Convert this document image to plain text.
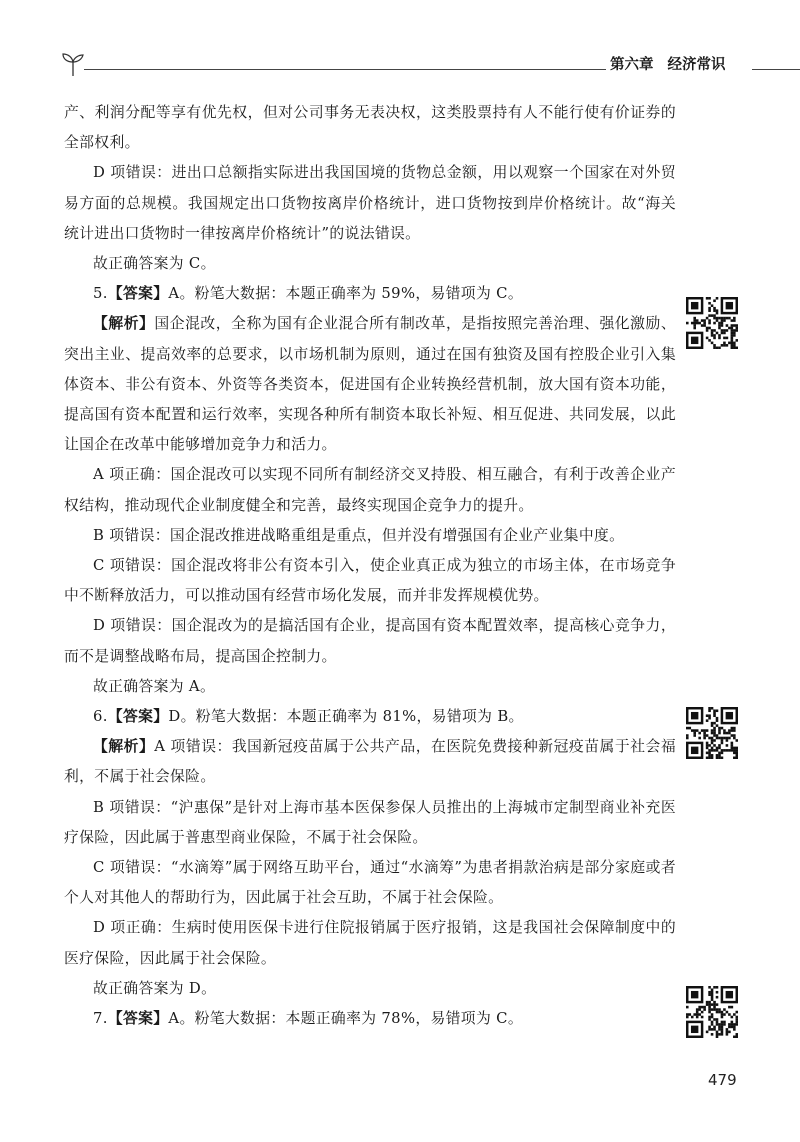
第六章 经济常识

产、利润分配等享有优先权，但对公司事务无表决权，这类股票持有人不能行使有价证券的全部权利。

D 项错误：进出口总额指实际进出我国国境的货物总金额，用以观察一个国家在对外贸易方面的总规模。我国规定出口货物按离岸价格统计，进口货物按到岸价格统计。故“海关统计进出口货物时一律按离岸价格统计”的说法错误。

故正确答案为 C。

5.【答案】A。粉笔大数据：本题正确率为 59%，易错项为 C。

【解析】国企混改，全称为国有企业混合所有制改革，是指按照完善治理、强化激励、突出主业、提高效率的总要求，以市场机制为原则，通过在国有独资及国有控股企业引入集体资本、非公有资本、外资等各类资本，促进国有企业转换经营机制，放大国有资本功能，提高国有资本配置和运行效率，实现各种所有制资本取长补短、相互促进、共同发展，以此让国企在改革中能够增加竞争力和活力。

A 项正确：国企混改可以实现不同所有制经济交叉持股、相互融合，有利于改善企业产权结构，推动现代企业制度健全和完善，最终实现国企竞争力的提升。

B 项错误：国企混改推进战略重组是重点，但并没有增强国有企业产业集中度。

C 项错误：国企混改将非公有资本引入，使企业真正成为独立的市场主体，在市场竞争中不断释放活力，可以推动国有经营市场化发展，而并非发挥规模优势。

D 项错误：国企混改为的是搞活国有企业，提高国有资本配置效率，提高核心竞争力，而不是调整战略布局，提高国企控制力。

故正确答案为 A。

6.【答案】D。粉笔大数据：本题正确率为 81%，易错项为 B。

【解析】A 项错误：我国新冠疫苗属于公共产品，在医院免费接种新冠疫苗属于社会福利，不属于社会保险。

B 项错误：“沪惠保”是针对上海市基本医保参保人员推出的上海城市定制型商业补充医疗保险，因此属于普惠型商业保险，不属于社会保险。

C 项错误：“水滴筹”属于网络互助平台，通过“水滴筹”为患者捐款治病是部分家庭或者个人对其他人的帮助行为，因此属于社会互助，不属于社会保险。

D 项正确：生病时使用医保卡进行住院报销属于医疗报销，这是我国社会保障制度中的医疗保险，因此属于社会保险。

故正确答案为 D。

7.【答案】A。粉笔大数据：本题正确率为 78%，易错项为 C。

479
